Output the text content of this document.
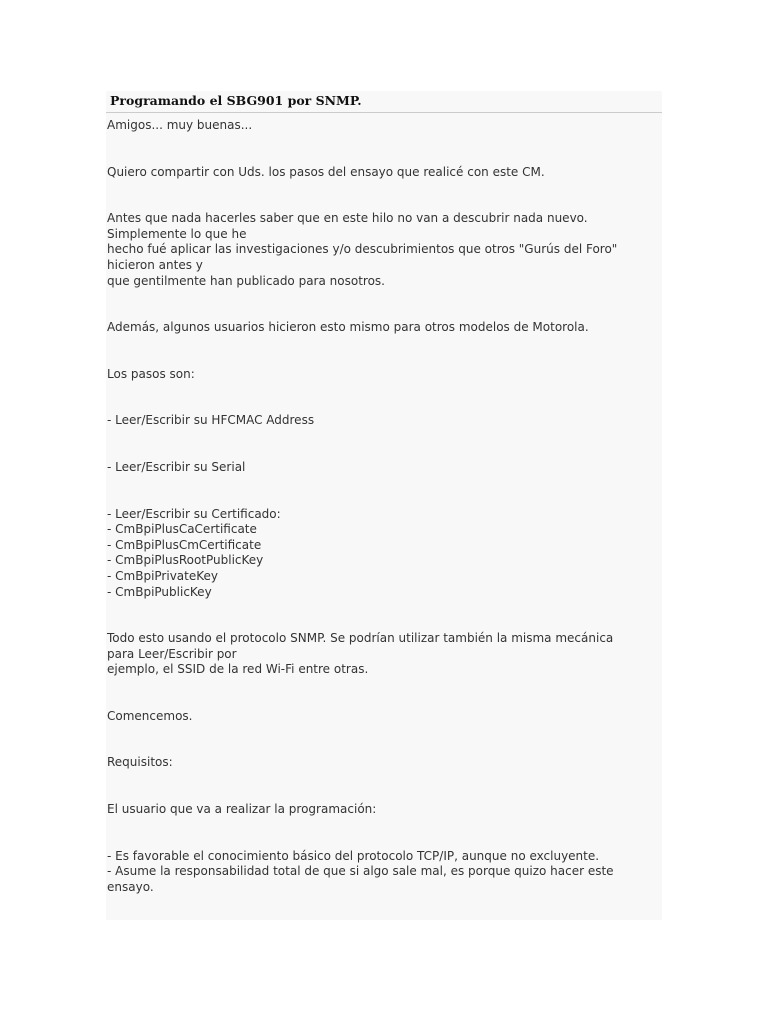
Programando el SBG901 por SNMP.
Amigos... muy buenas...
Quiero compartir con Uds. los pasos del ensayo que realicé con este CM.
Antes que nada hacerles saber que en este hilo no van a descubrir nada nuevo.
Simplemente lo que he
hecho fué aplicar las investigaciones y/o descubrimientos que otros "Gurús del Foro"
hicieron antes y
que gentilmente han publicado para nosotros.
Además, algunos usuarios hicieron esto mismo para otros modelos de Motorola.
Los pasos son:
- Leer/Escribir su HFCMAC Address
- Leer/Escribir su Serial
- Leer/Escribir su Certificado:
- CmBpiPlusCaCertificate
- CmBpiPlusCmCertificate
- CmBpiPlusRootPublicKey
- CmBpiPrivateKey
- CmBpiPublicKey
Todo esto usando el protocolo SNMP. Se podrían utilizar también la misma mecánica
para Leer/Escribir por
ejemplo, el SSID de la red Wi-Fi entre otras.
Comencemos.
Requisitos:
El usuario que va a realizar la programación:
- Es favorable el conocimiento básico del protocolo TCP/IP, aunque no excluyente.
- Asume la responsabilidad total de que si algo sale mal, es porque quizo hacer este
ensayo.
